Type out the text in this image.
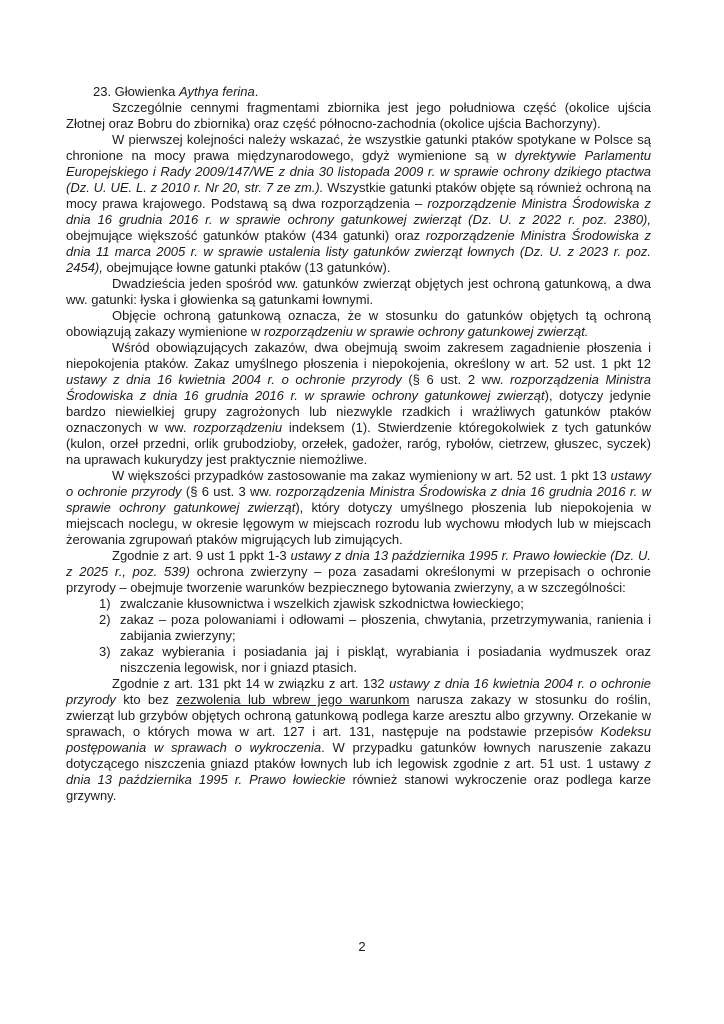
23. Głowienka Aythya ferina.

Szczególnie cennymi fragmentami zbiornika jest jego południowa część (okolice ujścia Złotnej oraz Bobru do zbiornika) oraz część północno-zachodnia (okolice ujścia Bachorzyny).

W pierwszej kolejności należy wskazać, że wszystkie gatunki ptaków spotykane w Polsce są chronione na mocy prawa międzynarodowego, gdyż wymienione są w dyrektywie Parlamentu Europejskiego i Rady 2009/147/WE z dnia 30 listopada 2009 r. w sprawie ochrony dzikiego ptactwa (Dz. U. UE. L. z 2010 r. Nr 20, str. 7 ze zm.). Wszystkie gatunki ptaków objęte są również ochroną na mocy prawa krajowego. Podstawą są dwa rozporządzenia – rozporządzenie Ministra Środowiska z dnia 16 grudnia 2016 r. w sprawie ochrony gatunkowej zwierząt (Dz. U. z 2022 r. poz. 2380), obejmujące większość gatunków ptaków (434 gatunki) oraz rozporządzenie Ministra Środowiska z dnia 11 marca 2005 r. w sprawie ustalenia listy gatunków zwierząt łownych (Dz. U. z 2023 r. poz. 2454), obejmujące łowne gatunki ptaków (13 gatunków).

Dwadzieścia jeden spośród ww. gatunków zwierząt objętych jest ochroną gatunkową, a dwa ww. gatunki: łyska i głowienka są gatunkami łownymi.

Objęcie ochroną gatunkową oznacza, że w stosunku do gatunków objętych tą ochroną obowiązują zakazy wymienione w rozporządzeniu w sprawie ochrony gatunkowej zwierząt.

Wśród obowiązujących zakazów, dwa obejmują swoim zakresem zagadnienie płoszenia i niepokojenia ptaków. Zakaz umyślnego płoszenia i niepokojenia, określony w art. 52 ust. 1 pkt 12 ustawy z dnia 16 kwietnia 2004 r. o ochronie przyrody (§ 6 ust. 2 ww. rozporządzenia Ministra Środowiska z dnia 16 grudnia 2016 r. w sprawie ochrony gatunkowej zwierząt), dotyczy jedynie bardzo niewielkiej grupy zagrożonych lub niezwykle rzadkich i wrażliwych gatunków ptaków oznaczonych w ww. rozporządzeniu indeksem (1). Stwierdzenie któregokolwiek z tych gatunków (kulon, orzeł przedni, orlik grubodzioby, orzełek, gadożer, raróg, rybołów, cietrzew, głuszec, syczek) na uprawach kukurydzy jest praktycznie niemożliwe.

W większości przypadków zastosowanie ma zakaz wymieniony w art. 52 ust. 1 pkt 13 ustawy o ochronie przyrody (§ 6 ust. 3 ww. rozporządzenia Ministra Środowiska z dnia 16 grudnia 2016 r. w sprawie ochrony gatunkowej zwierząt), który dotyczy umyślnego płoszenia lub niepokojenia w miejscach noclegu, w okresie lęgowym w miejscach rozrodu lub wychowu młodych lub w miejscach żerowania zgrupowań ptaków migrujących lub zimujących.

Zgodnie z art. 9 ust 1 ppkt 1-3 ustawy z dnia 13 października 1995 r. Prawo łowieckie (Dz. U. z 2025 r., poz. 539) ochrona zwierzyny – poza zasadami określonymi w przepisach o ochronie przyrody – obejmuje tworzenie warunków bezpiecznego bytowania zwierzyny, a w szczególności:

1) zwalczanie kłusownictwa i wszelkich zjawisk szkodnictwa łowieckiego;
2) zakaz – poza polowaniami i odłowami – płoszenia, chwytania, przetrzymywania, ranienia i zabijania zwierzyny;
3) zakaz wybierania i posiadania jaj i piskląt, wyrabiania i posiadania wydmuszek oraz niszczenia legowisk, nor i gniazd ptasich.

Zgodnie z art. 131 pkt 14 w związku z art. 132 ustawy z dnia 16 kwietnia 2004 r. o ochronie przyrody kto bez zezwolenia lub wbrew jego warunkom narusza zakazy w stosunku do roślin, zwierząt lub grzybów objętych ochroną gatunkową podlega karze aresztu albo grzywny. Orzekanie w sprawach, o których mowa w art. 127 i art. 131, następuje na podstawie przepisów Kodeksu postępowania w sprawach o wykroczenia. W przypadku gatunków łownych naruszenie zakazu dotyczącego niszczenia gniazd ptaków łownych lub ich legowisk zgodnie z art. 51 ust. 1 ustawy z dnia 13 października 1995 r. Prawo łowieckie również stanowi wykroczenie oraz podlega karze grzywny.

2
